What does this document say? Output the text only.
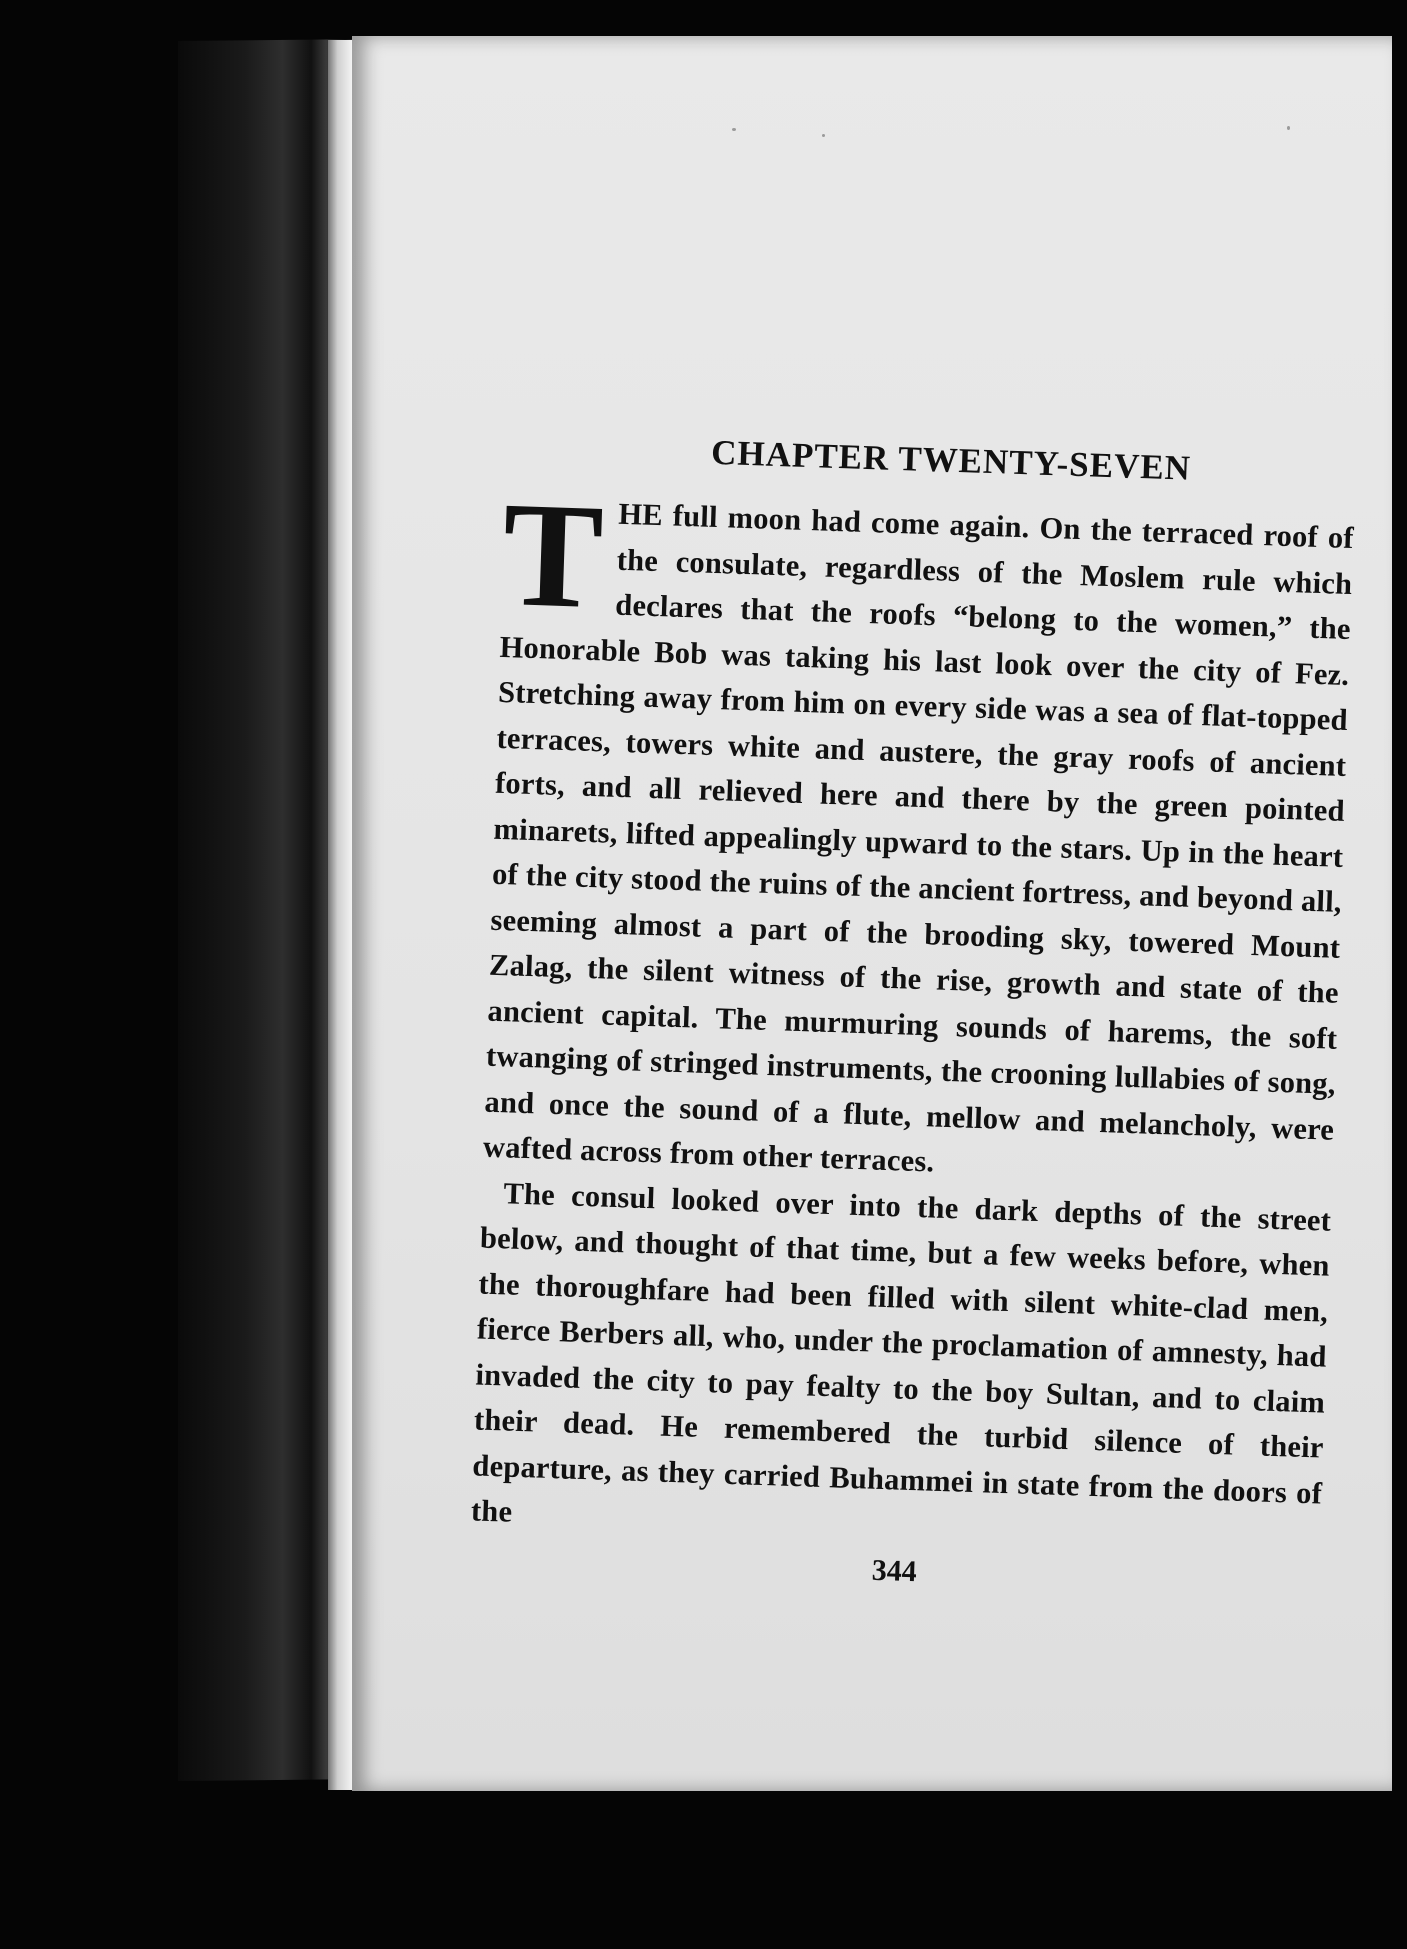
CHAPTER TWENTY-SEVEN

THE full moon had come again. On the terraced roof of the consulate, regardless of the Moslem rule which declares that the roofs “belong to the women,” the Honorable Bob was taking his last look over the city of Fez. Stretching away from him on every side was a sea of flat-topped terraces, towers white and austere, the gray roofs of ancient forts, and all relieved here and there by the green pointed minarets, lifted appealingly upward to the stars. Up in the heart of the city stood the ruins of the ancient fortress, and beyond all, seeming almost a part of the brooding sky, towered Mount Zalag, the silent witness of the rise, growth and state of the ancient capital. The murmuring sounds of harems, the soft twanging of stringed instruments, the crooning lullabies of song, and once the sound of a flute, mellow and melancholy, were wafted across from other terraces.

The consul looked over into the dark depths of the street below, and thought of that time, but a few weeks before, when the thoroughfare had been filled with silent white-clad men, fierce Berbers all, who, under the proclamation of amnesty, had invaded the city to pay fealty to the boy Sultan, and to claim their dead. He remembered the turbid silence of their departure, as they carried Buhammei in state from the doors of the

344
